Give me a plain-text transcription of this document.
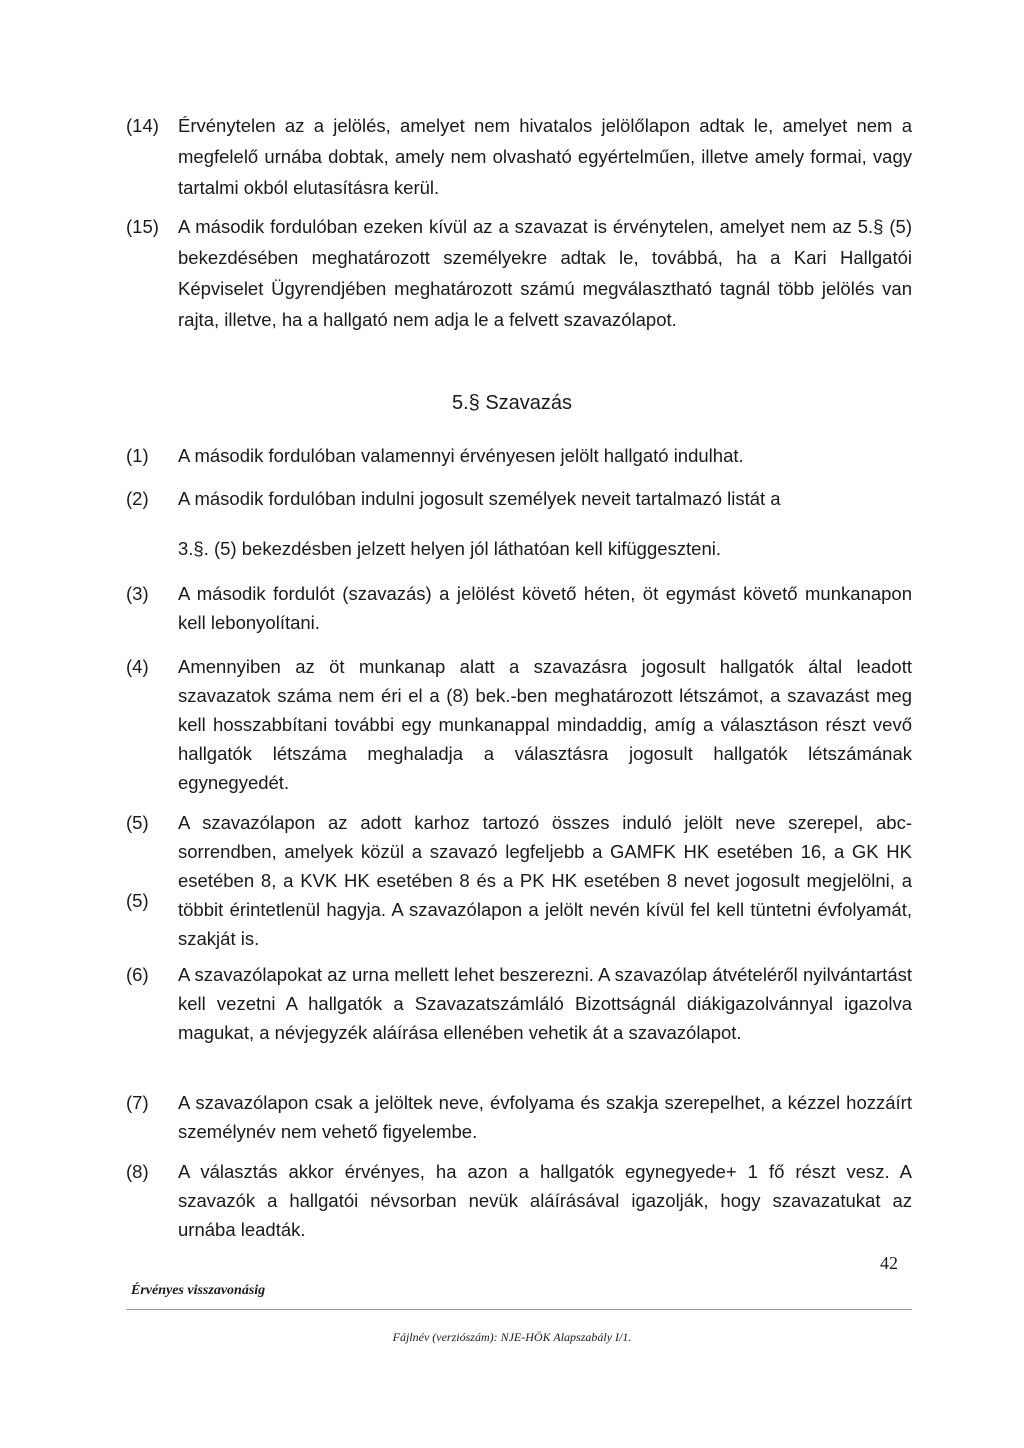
(14) Érvénytelen az a jelölés, amelyet nem hivatalos jelölőlapon adtak le, amelyet nem a megfelelő urnába dobtak, amely nem olvasható egyértelműen, illetve amely formai, vagy tartalmi okból elutasításra kerül.
(15) A második fordulóban ezeken kívül az a szavazat is érvénytelen, amelyet nem az 5.§ (5) bekezdésében meghatározott személyekre adtak le, továbbá, ha a Kari Hallgatói Képviselet Ügyrendjében meghatározott számú megválasztható tagnál több jelölés van rajta, illetve, ha a hallgató nem adja le a felvett szavazólapot.
5.§ Szavazás
(1) A második fordulóban valamennyi érvényesen jelölt hallgató indulhat.
(2) A második fordulóban indulni jogosult személyek neveit tartalmazó listát a
3.§. (5) bekezdésben jelzett helyen jól láthatóan kell kifüggeszteni.
(3) A második fordulót (szavazás) a jelölést követő héten, öt egymást követő munkanapon kell lebonyolítani.
(4) Amennyiben az öt munkanap alatt a szavazásra jogosult hallgatók által leadott szavazatok száma nem éri el a (8) bek.-ben meghatározott létszámot, a szavazást meg kell hosszabbítani további egy munkanappal mindaddig, amíg a választáson részt vevő hallgatók létszáma meghaladja a választásra jogosult hallgatók létszámának egynegyedét.
(5)
(5)
A szavazólapon az adott karhoz tartozó összes induló jelölt neve szerepel, abc-sorrendben, amelyek közül a szavazó legfeljebb a GAMFK HK esetében 16, a GK HK esetében 8, a KVK HK esetében 8 és a PK HK esetében 8 nevet jogosult megjelölni, a többit érintetlenül hagyja. A szavazólapon a jelölt nevén kívül fel kell tüntetni évfolyamát, szakját is.
(6) A szavazólapokat az urna mellett lehet beszerezni. A szavazólap átvételéről nyilvántartást kell vezetni A hallgatók a Szavazatszámláló Bizottságnál diákigazolvánnyal igazolva magukat, a névjegyzék aláírása ellenében vehetik át a szavazólapot.
(7) A szavazólapon csak a jelöltek neve, évfolyama és szakja szerepelhet, a kézzel hozzáírt személynév nem vehető figyelembe.
(8) A választás akkor érvényes, ha azon a hallgatók egynegyede+ 1 fő részt vesz. A szavazók a hallgatói névsorban nevük aláírásával igazolják, hogy szavazatukat az urnába leadták.
42
Érvényes visszavonásig
Fájlnév (verziószám): NJE-HÖK Alapszabály I/1.
